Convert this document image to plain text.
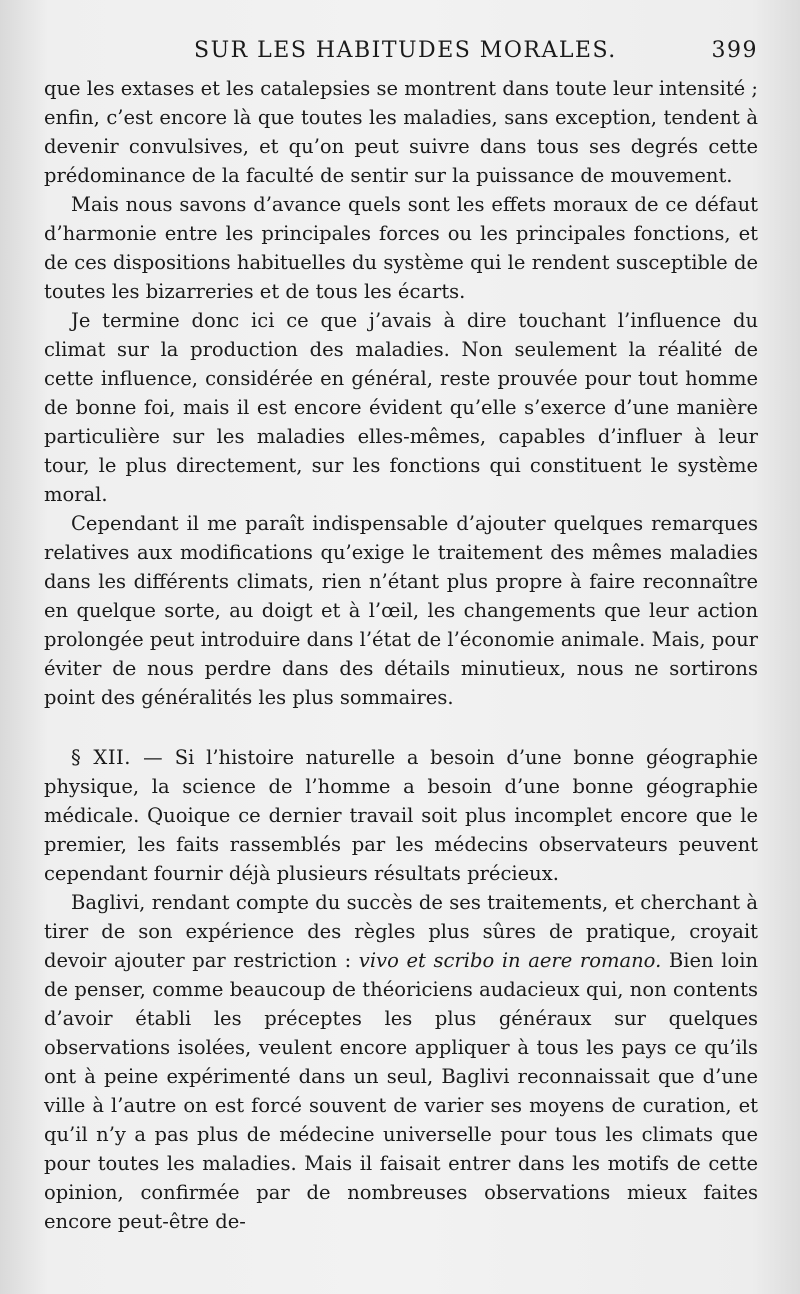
SUR LES HABITUDES MORALES.	399

que les extases et les catalepsies se montrent dans toute leur intensité ; enfin, c’est encore là que toutes les maladies, sans exception, tendent à devenir convulsives, et qu’on peut suivre dans tous ses degrés cette prédominance de la faculté de sentir sur la puissance de mouvement.

Mais nous savons d’avance quels sont les effets moraux de ce défaut d’harmonie entre les principales forces ou les principales fonctions, et de ces dispositions habituelles du système qui le rendent susceptible de toutes les bizarreries et de tous les écarts.

Je termine donc ici ce que j’avais à dire touchant l’influence du climat sur la production des maladies. Non seulement la réalité de cette influence, considérée en général, reste prouvée pour tout homme de bonne foi, mais il est encore évident qu’elle s’exerce d’une manière particulière sur les maladies elles-mêmes, capables d’influer à leur tour, le plus directement, sur les fonctions qui constituent le système moral.

Cependant il me paraît indispensable d’ajouter quelques remarques relatives aux modifications qu’exige le traitement des mêmes maladies dans les différents climats, rien n’étant plus propre à faire reconnaître en quelque sorte, au doigt et à l’œil, les changements que leur action prolongée peut introduire dans l’état de l’économie animale. Mais, pour éviter de nous perdre dans des détails minutieux, nous ne sortirons point des généralités les plus sommaires.

§ XII. — Si l’histoire naturelle a besoin d’une bonne géographie physique, la science de l’homme a besoin d’une bonne géographie médicale. Quoique ce dernier travail soit plus incomplet encore que le premier, les faits rassemblés par les médecins observateurs peuvent cependant fournir déjà plusieurs résultats précieux.

Baglivi, rendant compte du succès de ses traitements, et cherchant à tirer de son expérience des règles plus sûres de pratique, croyait devoir ajouter par restriction : vivo et scribo in aere romano. Bien loin de penser, comme beaucoup de théoriciens audacieux qui, non contents d’avoir établi les préceptes les plus généraux sur quelques observations isolées, veulent encore appliquer à tous les pays ce qu’ils ont à peine expérimenté dans un seul, Baglivi reconnaissait que d’une ville à l’autre on est forcé souvent de varier ses moyens de curation, et qu’il n’y a pas plus de médecine universelle pour tous les climats que pour toutes les maladies. Mais il faisait entrer dans les motifs de cette opinion, confirmée par de nombreuses observations mieux faites encore peut-être de-
